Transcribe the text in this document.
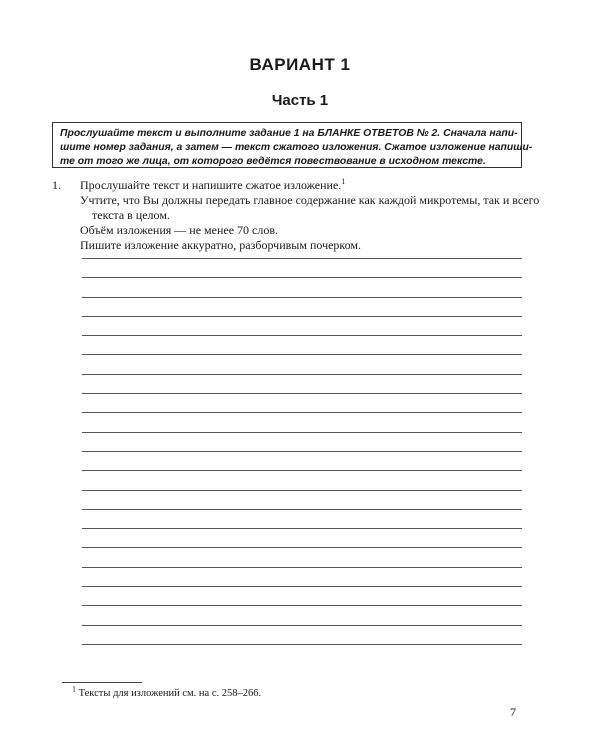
ВАРИАНТ 1
Часть 1
Прослушайте текст и выполните задание 1 на БЛАНКЕ ОТВЕТОВ № 2. Сначала напи-
шите номер задания, а затем — текст сжатого изложения. Сжатое изложение напиши-
те от того же лица, от которого ведётся повествование в исходном тексте.
1. Прослушайте текст и напишите сжатое изложение.$^1$
Учтите, что Вы должны передать главное содержание как каждой микротемы, так и всего
текста в целом.
Объём изложения — не менее 70 слов.
Пишите изложение аккуратно, разборчивым почерком.
$^1$ Тексты для изложений см. на с. 258–266.
7
